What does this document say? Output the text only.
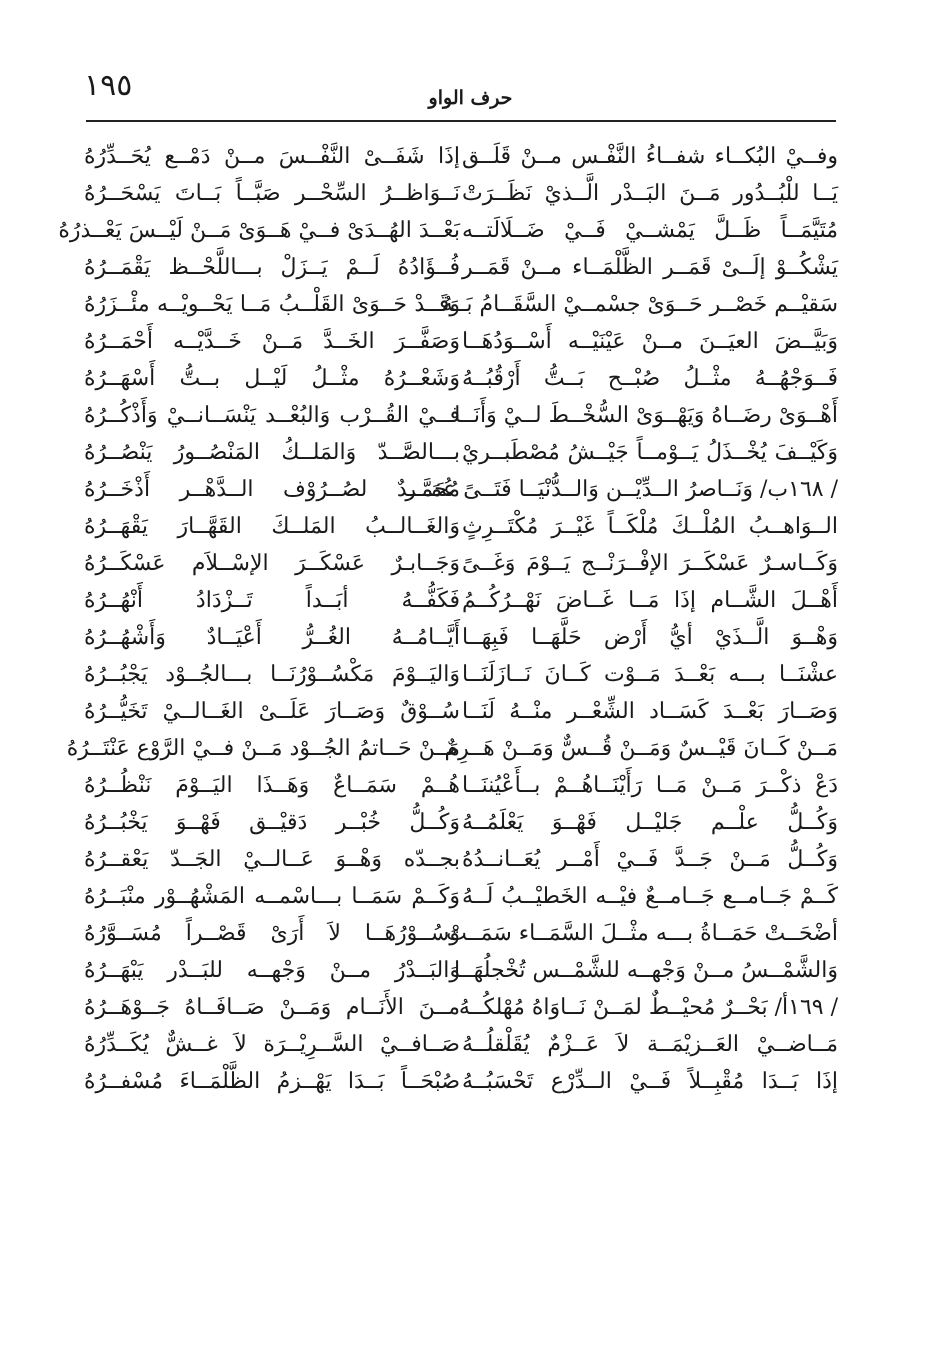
١٩٥	حرف الواو
وفــيْ البُكــاء شفــاءُ النَّفْـس مــنْ قَلَــق
يَــا للْبُــدُور مَــنَ البَــدْر الَّــذيْ نَظَــرَتْ
مُتَيَّمَــاً ظَــلَّ يَمْشــيْ فَــيْ ضَــلَالَتــه
يَشْكُــوْ إلَــىْ قَمَــر الظَّلْمَــاء مــنْ قَمَــر
سَقيْــم خَصْــر حَــوَىْ جسْمــيْ السَّقَــامُ بَــهُ
وَبَيَّــضَ العيَــنَ مــنْ عَيْنَيْــه أَسْــوَدُهَــا
فَــوَجْهُــهُ مثْــلُ صُبْــح بَــتُّ أَرْقُبُــهُ
أَهْــوَىْ رضَــاهُ وَيَهْــوَىْ السُّخْــطَ لــيْ وَأَنَــا
وَكَيْــفَ يُخْــذَلُ يَــوْمــاً جَيْــشُ مُصْطَبــريْ
/ ١٦٨ب/ وَنَــاصرُ الــدِّيْــن وَالــدُّنْيَــا فَتَــىً عُمَــر
الــوَاهــبُ المُلْــكَ مُلْكَــاً غَيْــرَ مُكْتَــرِثٍ
وَكَــاسـرٌ عَسْكَــرَ الإفْــرَنْــج يَــوْمَ وَغَــىً
أَهْــلَ الشَّــام إذَا مَــا غَــاضَ نَهْــرُكُــمُ
وَهْــوَ الَّــذَيْ أيُّ أَرْض حَلَّهَــا فَبِهَــا
عشْنَــا بـــه بَعْــدَ مَــوْت كَــانَ نَــازَلَنَــا
وَصَــارَ بَعْــدَ كَسَــاد الشِّعْــر منْــهُ لَنَــا
مَــنْ كَــانَ قَيْــسٌ وَمَــنْ قُــسٌّ وَمَــنْ هَــرِمٌ
دَعْ ذكْــرَ مَــنْ مَــا رَأَيْنَــاهُــمْ بــأَعْيُننَــا
وَكُــلُّ علْــم جَليْــل فَهْــوَ يَعْلَمُــهُ
وَكُــلُّ مَــنْ جَــدَّ فَــيْ أَمْــر يُعَــانــدُهُ
كَــمْ جَــامــع جَــامــعٌ فيْــه الخَطيْــبُ لَــهُ
أضْحَــتْ حَمَــاةُ بـــه مثْــلَ السَّمَــاء سَمَــتْ
وَالشَّمْــسُ مــنْ وَجْهــه للشَّمْــس تُخْجلُهَــا
/ ١٦٩أ/ بَحْــرٌ مُحيْــطٌ لمَــنْ نَــاوَاهُ مُهْلكُــهُ
مَــاضــيْ العَــزيْمَــة لاَ عَــزْمٌ يُقَلْقلُــهُ
إذَا بَــدَا مُقْبِــلاً فَــيْ الــدِّرْع تَحْسَبُــهُ
إذَا شَفَــىْ النَّفْــسَ مــنْ دَمْــع يُحَــدِّرُهُ
نَــوَاظــرُ السِّحْــر صَبَّــاً بَــاتَ يَسْحَــرُهُ
بَعْــدَ الهُــدَىْ فــيْ هَــوَىْ مَــنْ لَيْــسَ يَعْــذرُهُ
فُــؤَادُهُ لَــمْ يَــزَلْ بـــاللَّحْــظ يَقْمَــرُهُ
وَقَــدْ حَــوَىْ القَلْــبُ مَــا يَحْــويْــه مئْــزَرُهُ
وَصَفَّــرَ الخَــدَّ مَــنْ خَــدَّيْــه أَحْمَــرُهُ
وَشَعْــرُهُ مثْــلُ لَيْــل بــتُّ أَسْهَــرُهُ
فــيْ القُــرْب وَالبُعْــد يَنْسَــانــيْ وَأَذْكُــرُهُ
بـــالصَّــدّ وَالمَلــكُ المَنْصُــورُ يَنْصُــرُهُ
مُحَمَّــدٌ لصُــرُوْف الــدَّهْــر أَذْخَــرُهُ
وَالغَــالــبُ المَلــكَ القَهَّــارَ يَقْهَــرُهُ
وَجَــابـرٌ عَسْكَــرَ الإسْــلاَم عَسْكَــرُهُ
فَكَفُّــهُ أبَــداً تَــزْدَادُ أَنْهُــرُهُ
أَيَّــامُــهُ الغُــرُّ أَعْيَــادٌ وَأَشْهُــرُهُ
وَاليَــوْمَ مَكْسُــوْرُنَــا بـــالجُــوْد يَجْبُــرُهُ
سُــوْقٌ وَصَــارَ عَلَــىْ الغَــالــيْ تَخَيُّــرُهُ
مَــنْ حَــاتمُ الجُــوْد مَــنْ فــيْ الرَّوْع عَنْتَــرُهُ
هُــمْ سَمَــاعٌ وَهَــذَا اليَــوْمَ نَنْظُــرُهُ
وَكُــلُّ خُبْــر دَقيْــق فَهْــوَ يَخْبُــرُهُ
بجــدّه وَهْــوَ عَــالــيْ الجَــدّ يَعْقــرُهُ
وَكَــمْ سَمَــا بـــاسْمــه المَشْهُــوْر منْبَــرُهُ
وَسُــوْرُهَــا لاَ أَرَىْ قَصْــراً مُسَــوَّرُهُ
وَالبَــدْرُ مــنْ وَجْهــه للبَــدْر يَبْهَــرُهُ
مــنَ الأَنَــام وَمَــنْ صَــافَــاهُ جَــوْهَــرُهُ
صَــافــيْ السَّــرِيْــرَة لاَ غــشٌّ يُكَــدِّرُهُ
صُبْحَــاً بَــدَا يَهْــزمُ الظَّلْمَــاءَ مُسْفــرُهُ
